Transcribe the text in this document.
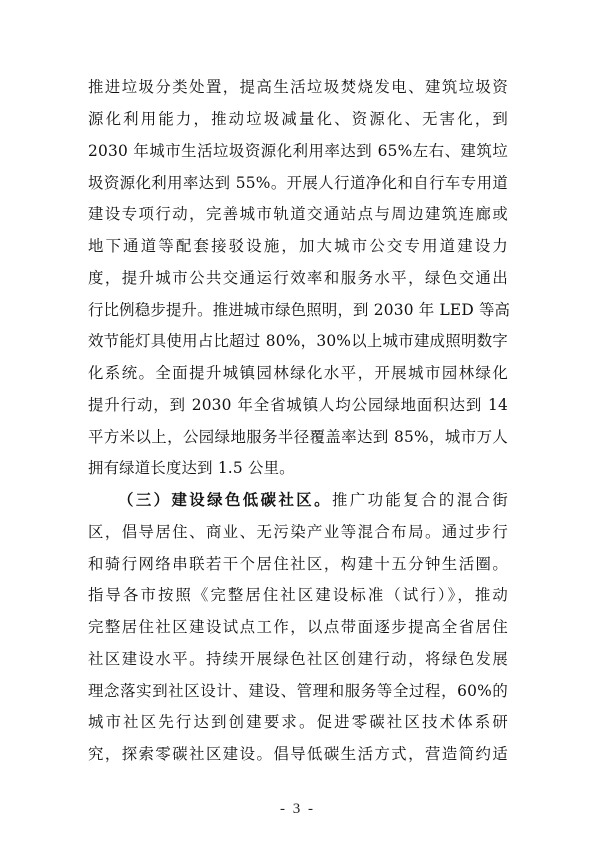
推进垃圾分类处置，提高生活垃圾焚烧发电、建筑垃圾资
源化利用能力，推动垃圾减量化、资源化、无害化，到
2030 年城市生活垃圾资源化利用率达到 65%左右、建筑垃
圾资源化利用率达到 55%。开展人行道净化和自行车专用道
建设专项行动，完善城市轨道交通站点与周边建筑连廊或
地下通道等配套接驳设施，加大城市公交专用道建设力
度，提升城市公共交通运行效率和服务水平，绿色交通出
行比例稳步提升。推进城市绿色照明，到 2030 年 LED 等高
效节能灯具使用占比超过 80%，30%以上城市建成照明数字
化系统。全面提升城镇园林绿化水平，开展城市园林绿化
提升行动，到 2030 年全省城镇人均公园绿地面积达到 14
平方米以上，公园绿地服务半径覆盖率达到 85%，城市万人
拥有绿道长度达到 1.5 公里。
（三）建设绿色低碳社区。推广功能复合的混合街
区，倡导居住、商业、无污染产业等混合布局。通过步行
和骑行网络串联若干个居住社区，构建十五分钟生活圈。
指导各市按照《完整居住社区建设标准（试行）》，推动
完整居住社区建设试点工作，以点带面逐步提高全省居住
社区建设水平。持续开展绿色社区创建行动，将绿色发展
理念落实到社区设计、建设、管理和服务等全过程，60%的
城市社区先行达到创建要求。促进零碳社区技术体系研
究，探索零碳社区建设。倡导低碳生活方式，营造简约适
- 3 -
